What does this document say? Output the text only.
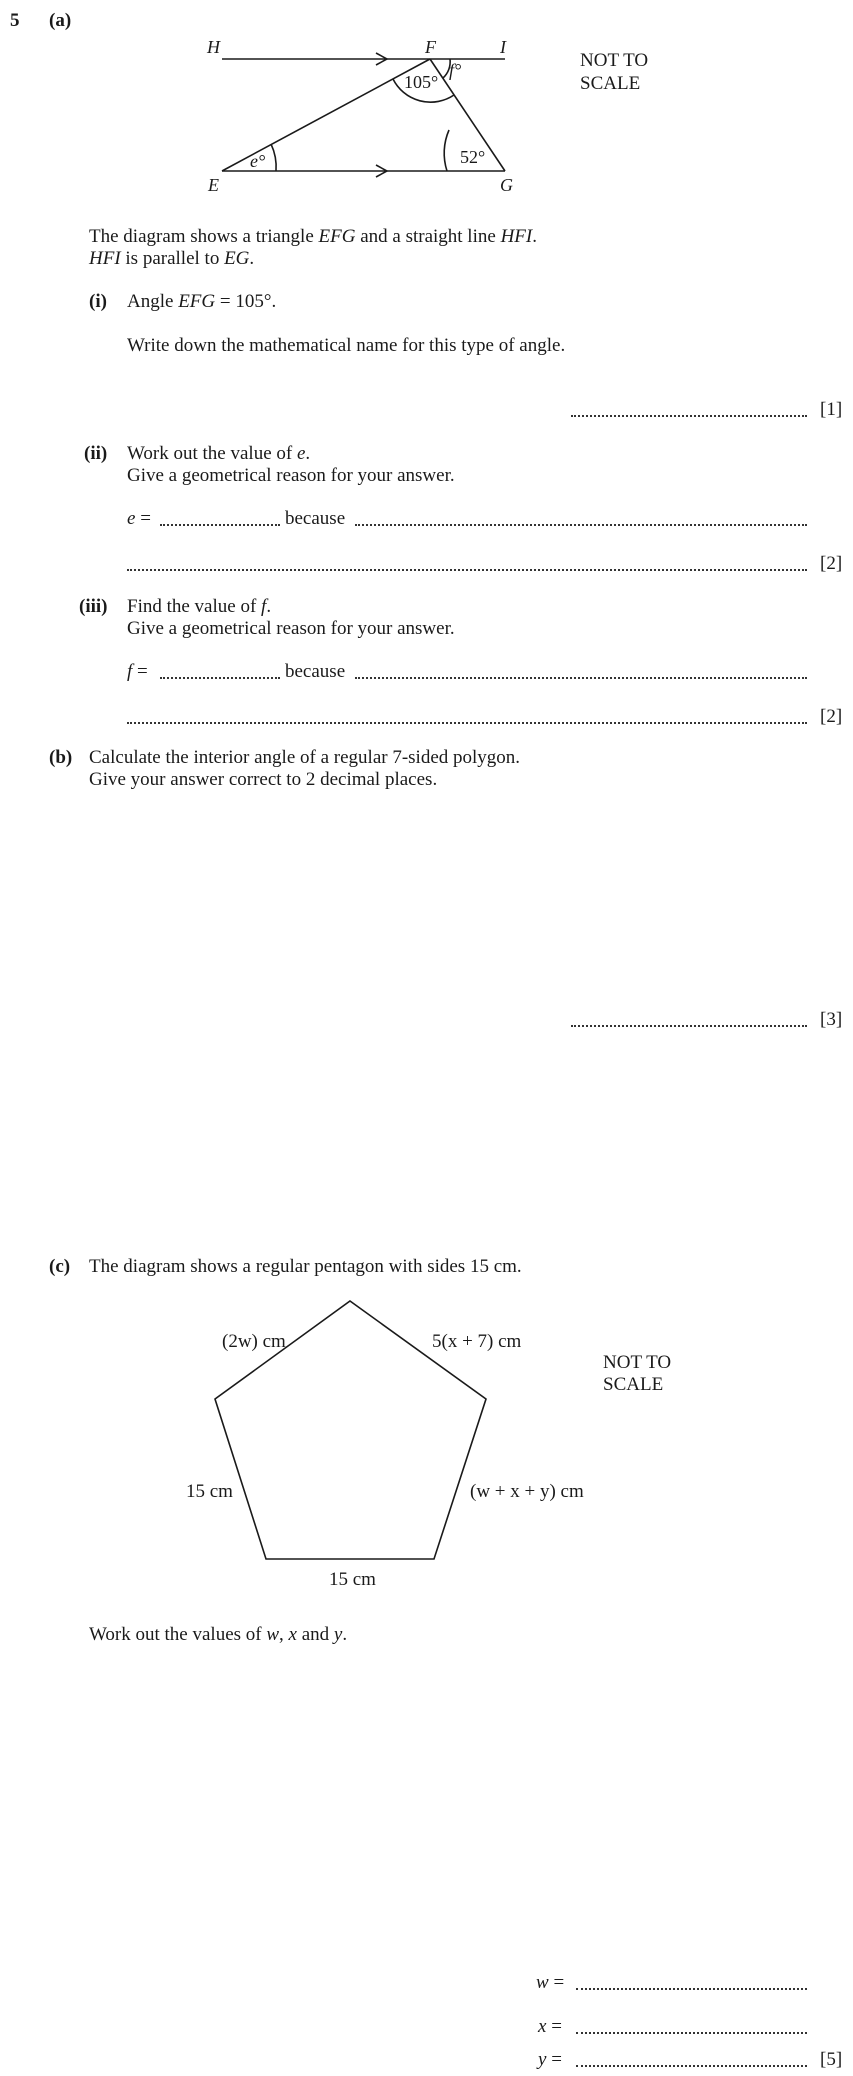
5 (a)
H	F	I
E	G
105°
f°
e°	52°
NOT TO
SCALE
The diagram shows a triangle EFG and a straight line HFI.
HFI is parallel to EG.
(i) Angle EFG = 105°.
Write down the mathematical name for this type of angle.
[1]
(ii) Work out the value of e.
Give a geometrical reason for your answer.
e =	because
[2]
(iii) Find the value of f.
Give a geometrical reason for your answer.
f =	because
[2]
(b) Calculate the interior angle of a regular 7-sided polygon.
Give your answer correct to 2 decimal places.
[3]
(c) The diagram shows a regular pentagon with sides 15 cm.
(2w) cm	5(x + 7) cm
15 cm	(w + x + y) cm
15 cm
NOT TO
SCALE
Work out the values of w, x and y.
w =
x =
y =	[5]
